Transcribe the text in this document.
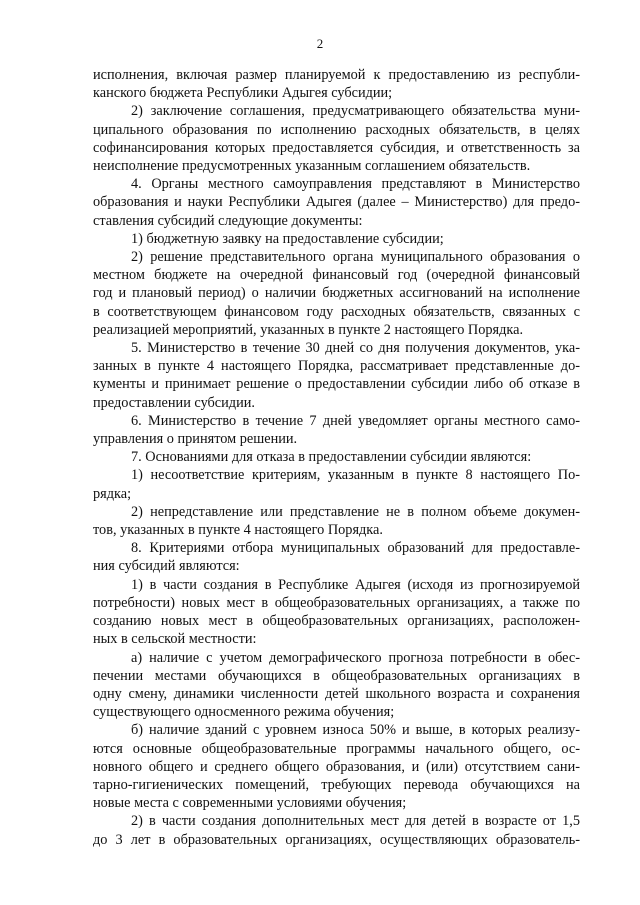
2
исполнения, включая размер планируемой к предоставлению из республи-
канского бюджета Республики Адыгея субсидии;
2) заключение соглашения, предусматривающего обязательства муни-
ципального образования по исполнению расходных обязательств, в целях
софинансирования которых предоставляется субсидия, и ответственность за
неисполнение предусмотренных указанным соглашением обязательств.
4. Органы местного самоуправления представляют в Министерство
образования и науки Республики Адыгея (далее – Министерство) для предо-
ставления субсидий следующие документы:
1) бюджетную заявку на предоставление субсидии;
2) решение представительного органа муниципального образования о
местном бюджете на очередной финансовый год (очередной финансовый
год и плановый период) о наличии бюджетных ассигнований на исполнение
в соответствующем финансовом году расходных обязательств, связанных с
реализацией мероприятий, указанных в пункте 2 настоящего Порядка.
5. Министерство в течение 30 дней со дня получения документов, ука-
занных в пункте 4 настоящего Порядка, рассматривает представленные до-
кументы и принимает решение о предоставлении субсидии либо об отказе в
предоставлении субсидии.
6. Министерство в течение 7 дней уведомляет органы местного само-
управления о принятом решении.
7. Основаниями для отказа в предоставлении субсидии являются:
1) несоответствие критериям, указанным в пункте 8 настоящего По-
рядка;
2) непредставление или представление не в полном объеме докумен-
тов, указанных в пункте 4 настоящего Порядка.
8. Критериями отбора муниципальных образований для предоставле-
ния субсидий являются:
1) в части создания в Республике Адыгея (исходя из прогнозируемой
потребности) новых мест в общеобразовательных организациях, а также по
созданию новых мест в общеобразовательных организациях, расположен-
ных в сельской местности:
а) наличие с учетом демографического прогноза потребности в обес-
печении местами обучающихся в общеобразовательных организациях в
одну смену, динамики численности детей школьного возраста и сохранения
существующего односменного режима обучения;
б) наличие зданий с уровнем износа 50% и выше, в которых реализу-
ются основные общеобразовательные программы начального общего, ос-
новного общего и среднего общего образования, и (или) отсутствием сани-
тарно-гигиенических помещений, требующих перевода обучающихся на
новые места с современными условиями обучения;
2) в части создания дополнительных мест для детей в возрасте от 1,5
до 3 лет в образовательных организациях, осуществляющих образователь-
